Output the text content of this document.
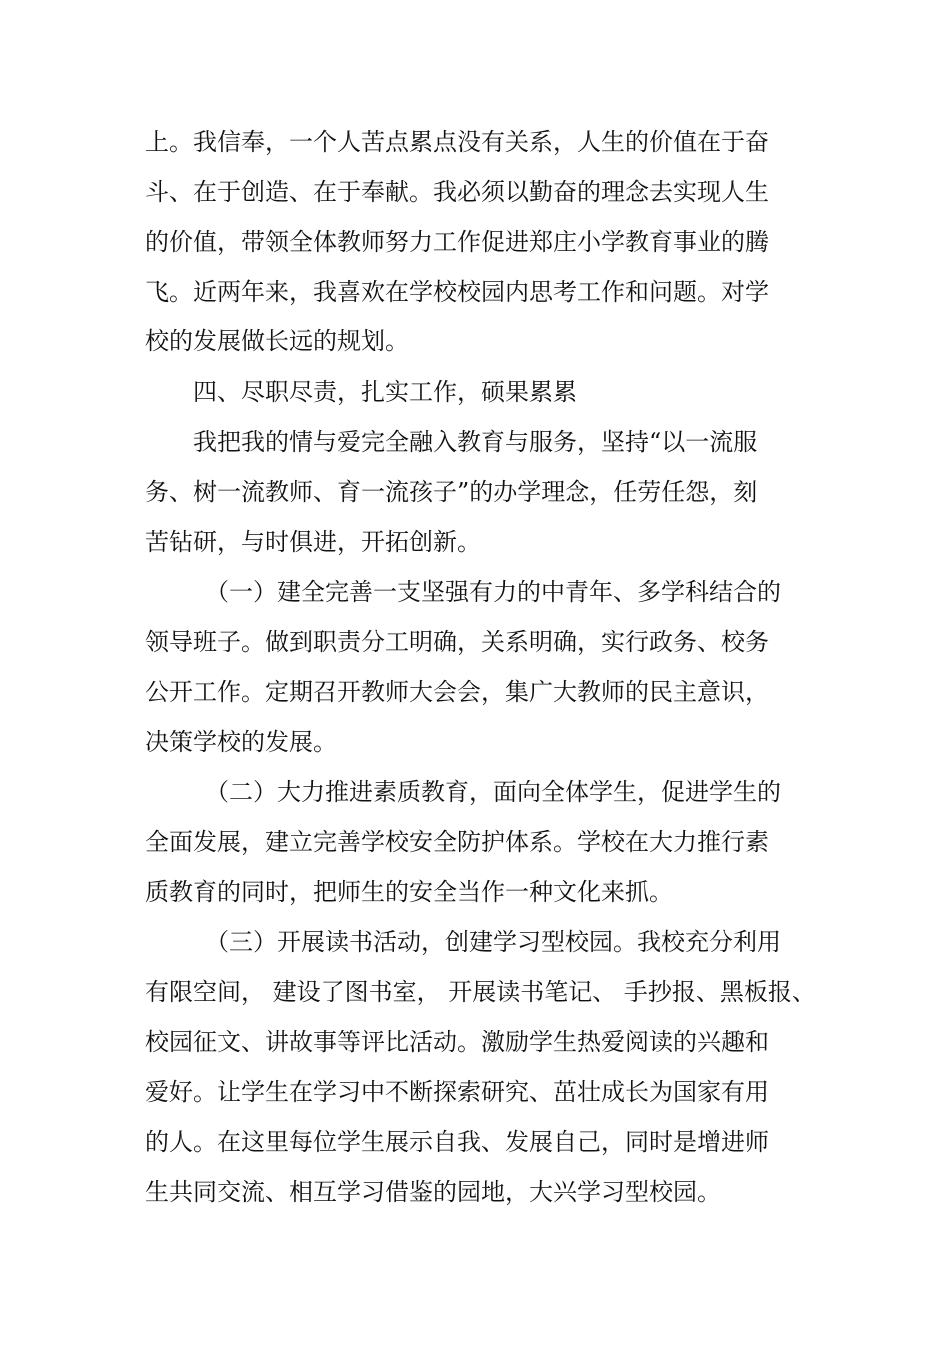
上。我信奉，一个人苦点累点没有关系，人生的价值在于奋
斗、在于创造、在于奉献。我必须以勤奋的理念去实现人生
的价值，带领全体教师努力工作促进郑庄小学教育事业的腾
飞。近两年来，我喜欢在学校校园内思考工作和问题。对学
校的发展做长远的规划。
四、尽职尽责，扎实工作，硕果累累
我把我的情与爱完全融入教育与服务，坚持“以一流服
务、树一流教师、育一流孩子”的办学理念，任劳任怨，刻
苦钻研，与时俱进，开拓创新。
（一）建全完善一支坚强有力的中青年、多学科结合的
领导班子。做到职责分工明确，关系明确，实行政务、校务
公开工作。定期召开教师大会会，集广大教师的民主意识，
决策学校的发展。
（二）大力推进素质教育，面向全体学生，促进学生的
全面发展，建立完善学校安全防护体系。学校在大力推行素
质教育的同时，把师生的安全当作一种文化来抓。
（三）开展读书活动，创建学习型校园。我校充分利用
有限空间， 建设了图书室， 开展读书笔记、 手抄报、黑板报、
校园征文、讲故事等评比活动。激励学生热爱阅读的兴趣和
爱好。让学生在学习中不断探索研究、茁壮成长为国家有用
的人。在这里每位学生展示自我、发展自己，同时是增进师
生共同交流、相互学习借鉴的园地，大兴学习型校园。
